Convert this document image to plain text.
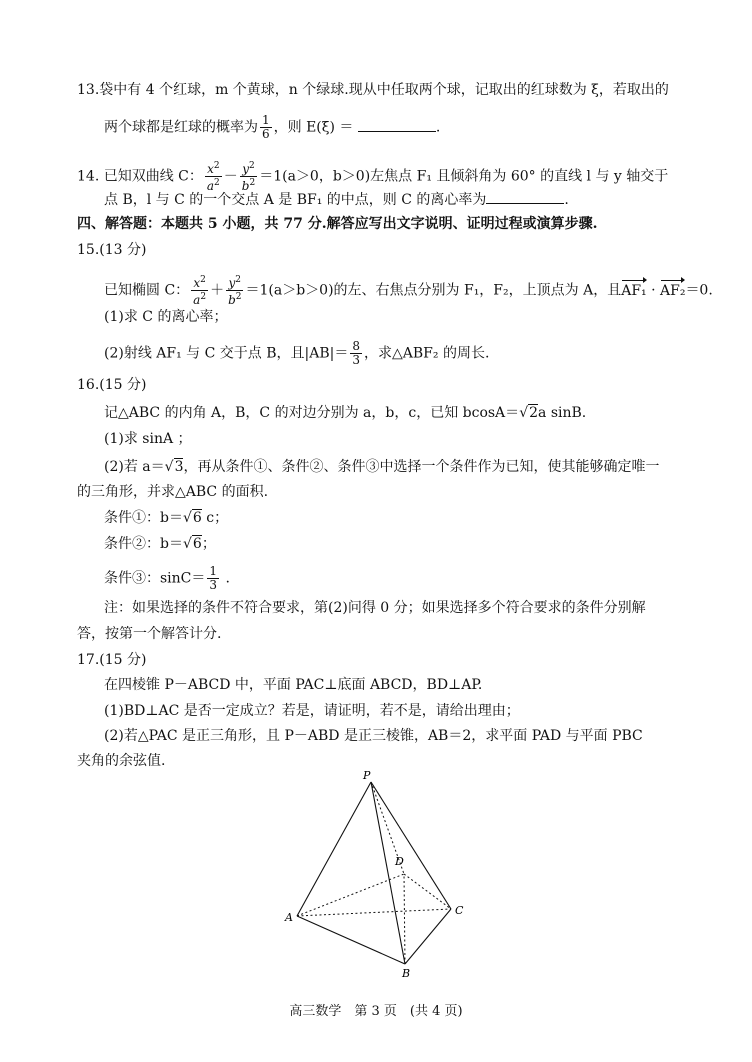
13.袋中有 4 个红球，m 个黄球，n 个绿球.现从中任取两个球，记取出的红球数为 ξ，若取出的
两个球都是红球的概率为 $\frac{1}{6}$ ，则 E(ξ) ＝	.
14. 已知双曲线 C： $\frac{x^2}{a^2} - \frac{y^2}{b^2} =1(a>0$，b＞0)左焦点 F₁ 且倾斜角为 60° 的直线 l 与 y 轴交于
点 B，l 与 C 的一个交点 A 是 BF₁ 的中点，则 C 的离心率为	.
四、解答题：本题共 5 小题，共 77 分.解答应写出文字说明、证明过程或演算步骤.
15.(13 分)
已知椭圆 C： $\frac{x^2}{a^2} + \frac{y^2}{b^2} =1(a>b>0)$的左、右焦点分别为 F₁，F₂，上顶点为 A，且AF₁ · AF₂＝0.
(1)求 C 的离心率；
(2)射线 AF₁ 与 C 交于点 B，且$|AB|= \frac{8}{3}$ ，求△ABF₂ 的周长.
16.(15 分)
记△ABC 的内角 A，B，C 的对边分别为 a，b，c，已知 bcosA＝√2a sinB.
(1)求 sinA ；
(2)若 a＝√3，再从条件①、条件②、条件③中选择一个条件作为已知，使其能够确定唯一
的三角形，并求△ABC 的面积.
条件①：b＝√6 c；
条件②：b＝√6；
条件③：$\sin C= \frac{1}{3}$ .
注：如果选择的条件不符合要求，第(2)问得 0 分；如果选择多个符合要求的条件分别解
答，按第一个解答计分.
17.(15 分)
在四棱锥 P－ABCD 中，平面 PAC⊥底面 ABCD，BD⊥AP.
(1)BD⊥AC 是否一定成立？若是，请证明，若不是，请给出理由；
(2)若△PAC 是正三角形，且 P－ABD 是正三棱锥，AB＝2，求平面 PAD 与平面 PBC
夹角的余弦值.
P
A
B
C
D
高三数学　第 3 页　(共 4 页)
